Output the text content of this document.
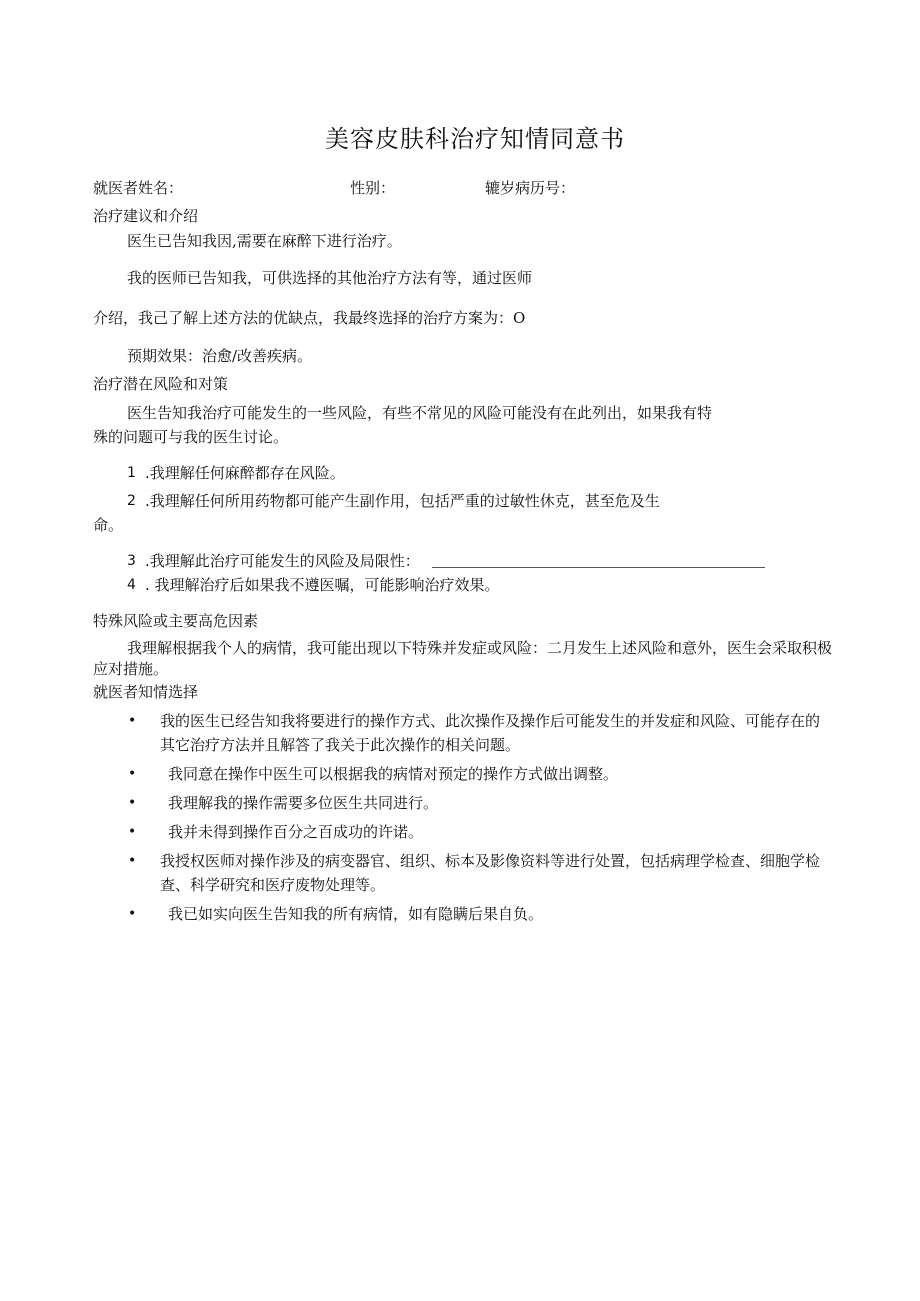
美容皮肤科治疗知情同意书
就医者姓名：	性别：	辘岁病历号：
治疗建议和介绍
医生已告知我因,需要在麻醉下进行治疗。
我的医师已告知我，可供选择的其他治疗方法有等，通过医师
介绍，我己了解上述方法的优缺点，我最终选择的治疗方案为：O
预期效果：治愈/改善疾病。
治疗潜在风险和对策
医生告知我治疗可能发生的一些风险，有些不常见的风险可能没有在此列出，如果我有特
殊的问题可与我的医生讨论。
1 .我理解任何麻醉都存在风险。
2 .我理解任何所用药物都可能产生副作用，包括严重的过敏性休克，甚至危及生
命。
3 .我理解此治疗可能发生的风险及局限性：
4 . 我理解治疗后如果我不遵医嘱，可能影响治疗效果。
特殊风险或主要高危因素
我理解根据我个人的病情，我可能出现以下特殊并发症或风险：二月发生上述风险和意外，医生会采取积极
应对措施。
就医者知情选择
• 我的医生已经告知我将要进行的操作方式、此次操作及操作后可能发生的并发症和风险、可能存在的
其它治疗方法并且解答了我关于此次操作的相关问题。
• 我同意在操作中医生可以根据我的病情对预定的操作方式做出调整。
• 我理解我的操作需要多位医生共同进行。
• 我并未得到操作百分之百成功的许诺。
• 我授权医师对操作涉及的病变器官、组织、标本及影像资料等进行处置，包括病理学检查、细胞学检
查、科学研究和医疗废物处理等。
• 我已如实向医生告知我的所有病情，如有隐瞒后果自负。
